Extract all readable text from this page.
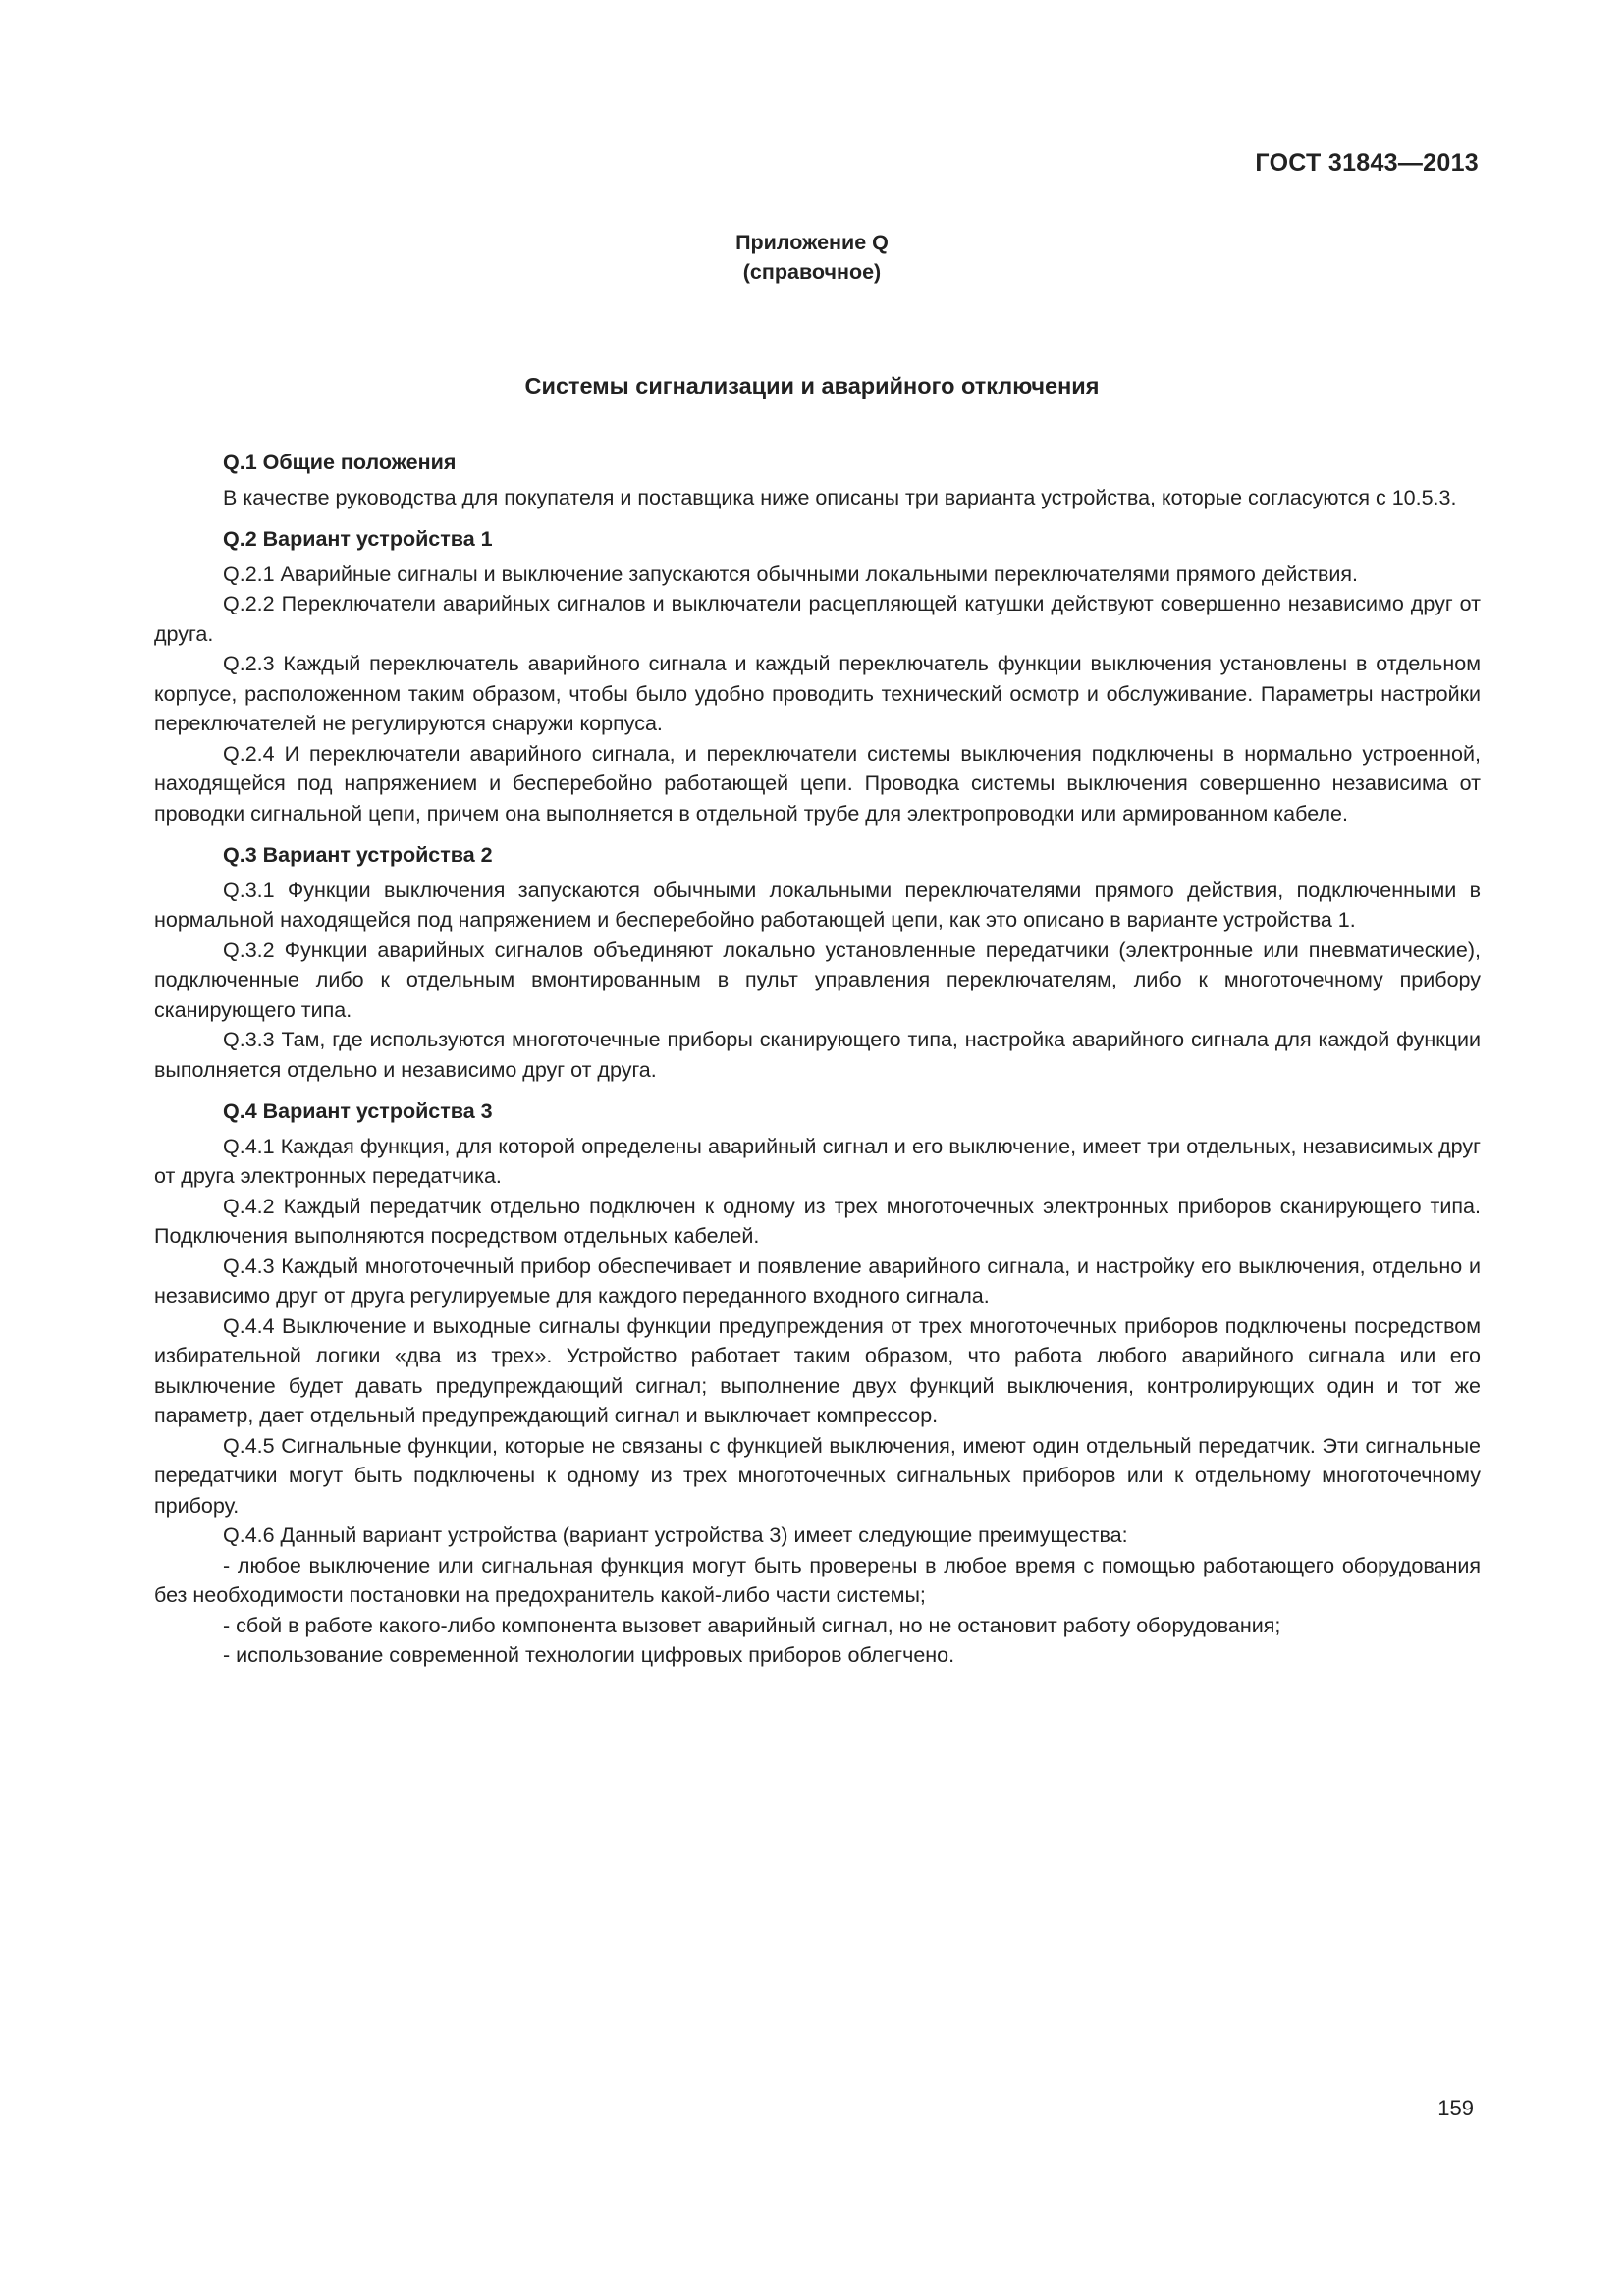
ГОСТ 31843—2013
Приложение Q
(справочное)
Системы сигнализации и аварийного отключения
Q.1 Общие положения

В качестве руководства для покупателя и поставщика ниже описаны три варианта устройства, которые согласуются с 10.5.3.

Q.2 Вариант устройства 1

Q.2.1 Аварийные сигналы и выключение запускаются обычными локальными переключателями прямого действия.

Q.2.2 Переключатели аварийных сигналов и выключатели расцепляющей катушки действуют совершенно независимо друг от друга.

Q.2.3 Каждый переключатель аварийного сигнала и каждый переключатель функции выключения установлены в отдельном корпусе, расположенном таким образом, чтобы было удобно проводить технический осмотр и обслуживание. Параметры настройки переключателей не регулируются снаружи корпуса.

Q.2.4 И переключатели аварийного сигнала, и переключатели системы выключения подключены в нормально устроенной, находящейся под напряжением и бесперебойно работающей цепи. Проводка системы выключения совершенно независима от проводки сигнальной цепи, причем она выполняется в отдельной трубе для электропроводки или армированном кабеле.

Q.3 Вариант устройства 2

Q.3.1 Функции выключения запускаются обычными локальными переключателями прямого действия, подключенными в нормальной находящейся под напряжением и бесперебойно работающей цепи, как это описано в варианте устройства 1.

Q.3.2 Функции аварийных сигналов объединяют локально установленные передатчики (электронные или пневматические), подключенные либо к отдельным вмонтированным в пульт управления переключателям, либо к многоточечному прибору сканирующего типа.

Q.3.3 Там, где используются многоточечные приборы сканирующего типа, настройка аварийного сигнала для каждой функции выполняется отдельно и независимо друг от друга.

Q.4 Вариант устройства 3

Q.4.1 Каждая функция, для которой определены аварийный сигнал и его выключение, имеет три отдельных, независимых друг от друга электронных передатчика.

Q.4.2 Каждый передатчик отдельно подключен к одному из трех многоточечных электронных приборов сканирующего типа. Подключения выполняются посредством отдельных кабелей.

Q.4.3 Каждый многоточечный прибор обеспечивает и появление аварийного сигнала, и настройку его выключения, отдельно и независимо друг от друга регулируемые для каждого переданного входного сигнала.

Q.4.4 Выключение и выходные сигналы функции предупреждения от трех многоточечных приборов подключены посредством избирательной логики «два из трех». Устройство работает таким образом, что работа любого аварийного сигнала или его выключение будет давать предупреждающий сигнал; выполнение двух функций выключения, контролирующих один и тот же параметр, дает отдельный предупреждающий сигнал и выключает компрессор.

Q.4.5 Сигнальные функции, которые не связаны с функцией выключения, имеют один отдельный передатчик. Эти сигнальные передатчики могут быть подключены к одному из трех многоточечных сигнальных приборов или к отдельному многоточечному прибору.

Q.4.6 Данный вариант устройства (вариант устройства 3) имеет следующие преимущества:

- любое выключение или сигнальная функция могут быть проверены в любое время с помощью работающего оборудования без необходимости постановки на предохранитель какой-либо части системы;

- сбой в работе какого-либо компонента вызовет аварийный сигнал, но не остановит работу оборудования;

- использование современной технологии цифровых приборов облегчено.

159
